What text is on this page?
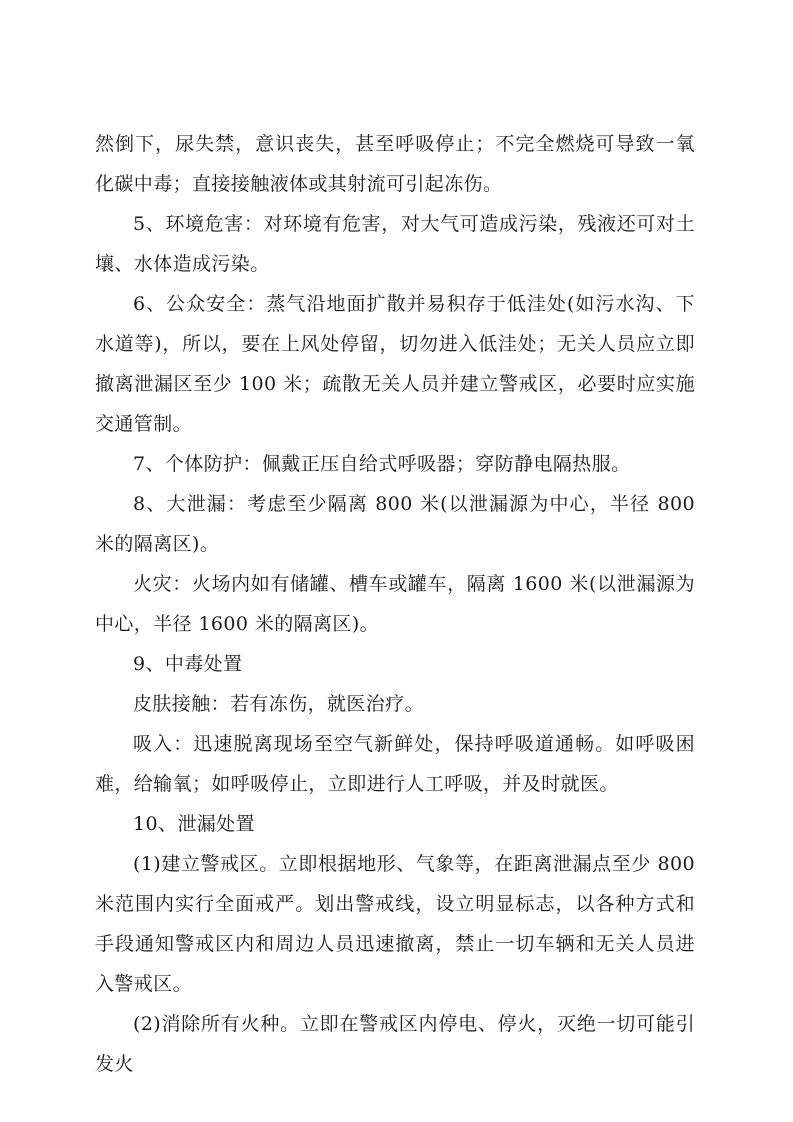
然倒下，尿失禁，意识丧失，甚至呼吸停止；不完全燃烧可导致一氧化碳中毒；直接接触液体或其射流可引起冻伤。

5、环境危害：对环境有危害，对大气可造成污染，残液还可对土壤、水体造成污染。

6、公众安全：蒸气沿地面扩散并易积存于低洼处(如污水沟、下水道等)，所以，要在上风处停留，切勿进入低洼处；无关人员应立即撤离泄漏区至少 100 米；疏散无关人员并建立警戒区，必要时应实施交通管制。

7、个体防护：佩戴正压自给式呼吸器；穿防静电隔热服。

8、大泄漏：考虑至少隔离 800 米(以泄漏源为中心，半径 800 米的隔离区)。

火灾：火场内如有储罐、槽车或罐车，隔离 1600 米(以泄漏源为中心，半径 1600 米的隔离区)。

9、中毒处置

皮肤接触：若有冻伤，就医治疗。

吸入：迅速脱离现场至空气新鲜处，保持呼吸道通畅。如呼吸困难，给输氧；如呼吸停止，立即进行人工呼吸，并及时就医。

10、泄漏处置

(1)建立警戒区。立即根据地形、气象等，在距离泄漏点至少 800 米范围内实行全面戒严。划出警戒线，设立明显标志，以各种方式和手段通知警戒区内和周边人员迅速撤离，禁止一切车辆和无关人员进入警戒区。

(2)消除所有火种。立即在警戒区内停电、停火，灭绝一切可能引发火
